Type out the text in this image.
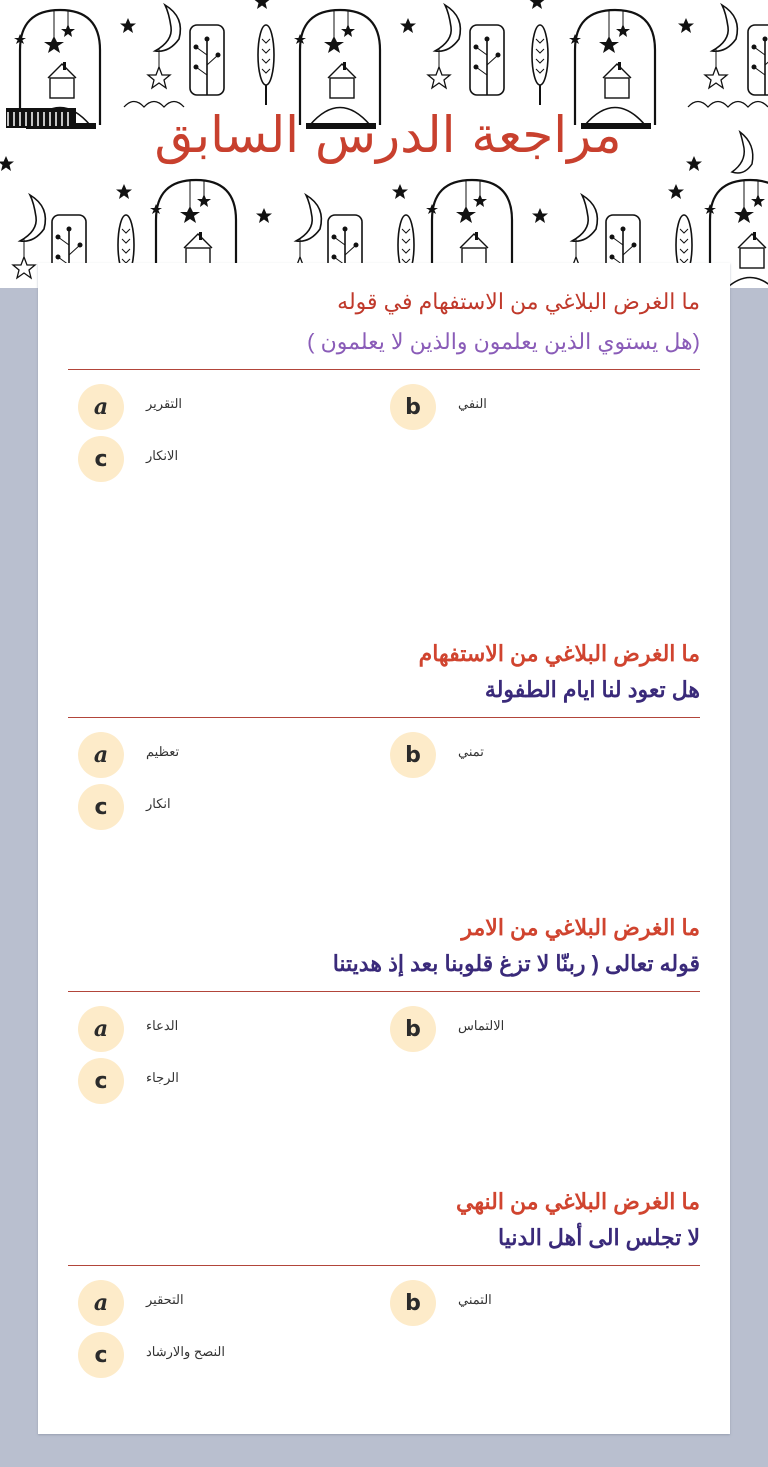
مراجعة الدرس السابق
ما الغرض البلاغي من الاستفهام في قوله
(هل يستوي الذين يعلمون والذين لا يعلمون )
a	التقرير	b	النفي
c	الانكار
ما الغرض البلاغي من الاستفهام
هل تعود لنا ايام الطفولة
a	تعظيم	b	تمني
c	انكار
ما الغرض البلاغي من الامر
قوله تعالى ( ربنّا لا تزغ قلوبنا بعد إذ هديتنا
a	الدعاء	b	الالتماس
c	الرجاء
ما الغرض البلاغي من النهي
لا تجلس الى أهل الدنيا
a	التحقير	b	التمني
c	النصح والارشاد
